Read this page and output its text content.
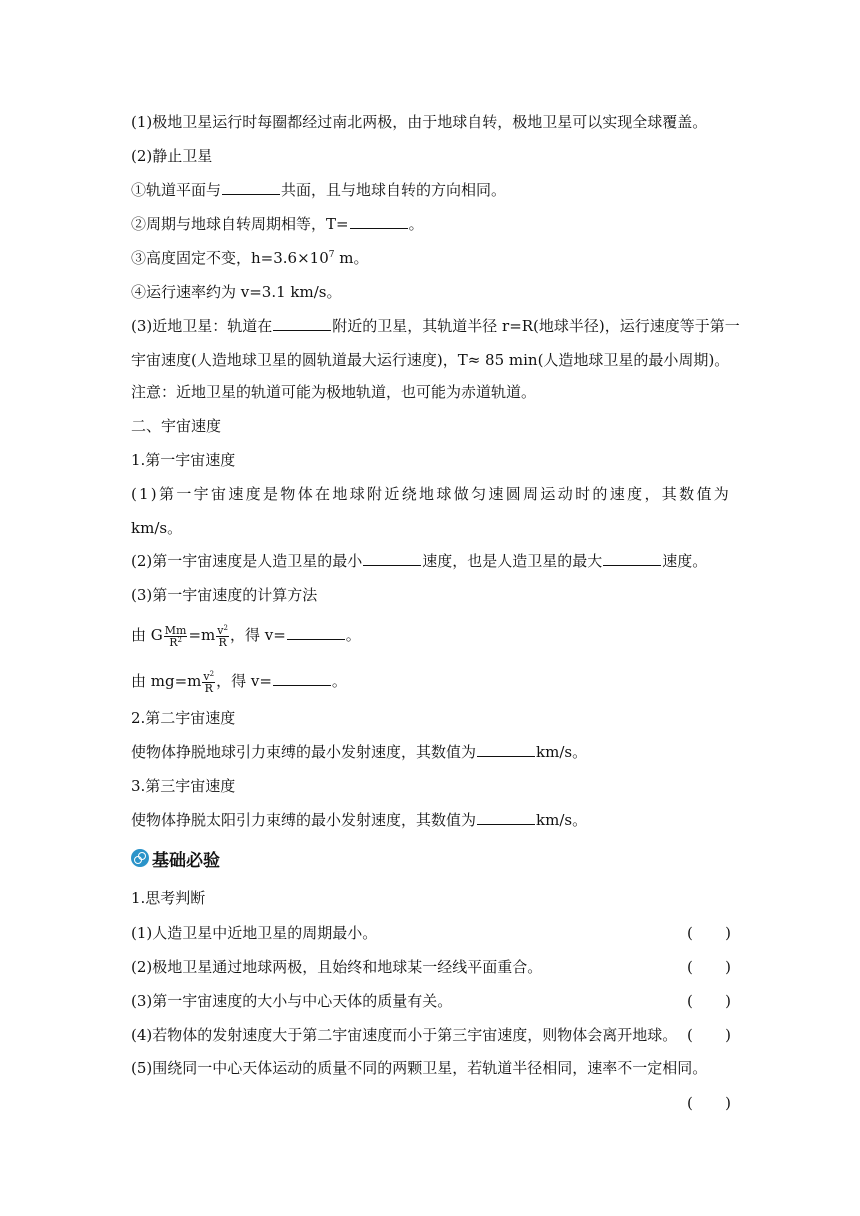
(1)极地卫星运行时每圈都经过南北两极，由于地球自转，极地卫星可以实现全球覆盖。
(2)静止卫星
①轨道平面与	共面，且与地球自转的方向相同。
②周期与地球自转周期相等，T=	。
③高度固定不变，$h=3.6\times 10^7$ m。
④运行速率约为 v=3.1 km/s。
(3)近地卫星：轨道在	附近的卫星，其轨道半径 r=R(地球半径)，运行速度等于第一
宇宙速度(人造地球卫星的圆轨道最大运行速度)，T≈ 85 min(人造地球卫星的最小周期)。
注意：近地卫星的轨道可能为极地轨道，也可能为赤道轨道。
二、宇宙速度
1.第一宇宙速度
(1)第一宇宙速度是物体在地球附近绕地球做匀速圆周运动时的速度，其数值为
km/s。
(2)第一宇宙速度是人造卫星的最小	速度，也是人造卫星的最大	速度。
(3)第一宇宙速度的计算方法
由 G $\frac{Mm}{R^2} =m \frac{v^2}{R}$ ，得 v=	。
由 $mg=m \frac{v^2}{R}$ ，得 v=	。
2.第二宇宙速度
使物体挣脱地球引力束缚的最小发射速度，其数值为	km/s。
3.第三宇宙速度
使物体挣脱太阳引力束缚的最小发射速度，其数值为	km/s。
基础必验
1.思考判断
(1)人造卫星中近地卫星的周期最小。	( )
(2)极地卫星通过地球两极，且始终和地球某一经线平面重合。	( )
(3)第一宇宙速度的大小与中心天体的质量有关。	( )
(4)若物体的发射速度大于第二宇宙速度而小于第三宇宙速度，则物体会离开地球。 ( )
(5)围绕同一中心天体运动的质量不同的两颗卫星，若轨道半径相同，速率不一定相同。
( )
